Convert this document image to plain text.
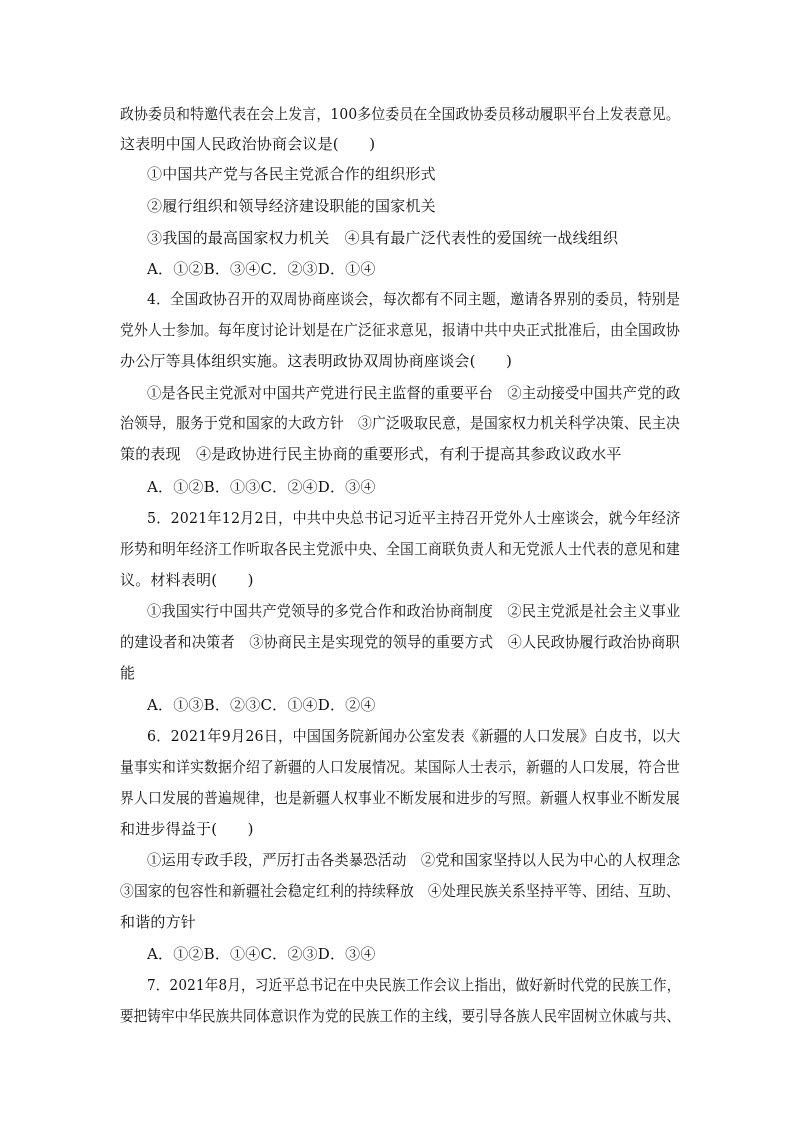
政协委员和特邀代表在会上发言，100多位委员在全国政协委员移动履职平台上发表意见。
这表明中国人民政治协商会议是(　　)
①中国共产党与各民主党派合作的组织形式
②履行组织和领导经济建设职能的国家机关
③我国的最高国家权力机关　④具有最广泛代表性的爱国统一战线组织
A．①②B．③④C．②③D．①④
4．全国政协召开的双周协商座谈会，每次都有不同主题，邀请各界别的委员，特别是
党外人士参加。每年度讨论计划是在广泛征求意见，报请中共中央正式批准后，由全国政协
办公厅等具体组织实施。这表明政协双周协商座谈会(　　)
①是各民主党派对中国共产党进行民主监督的重要平台　②主动接受中国共产党的政
治领导，服务于党和国家的大政方针　③广泛吸取民意，是国家权力机关科学决策、民主决
策的表现　④是政协进行民主协商的重要形式，有利于提高其参政议政水平
A．①②B．①③C．②④D．③④
5．2021年12月2日，中共中央总书记习近平主持召开党外人士座谈会，就今年经济
形势和明年经济工作听取各民主党派中央、全国工商联负责人和无党派人士代表的意见和建
议。材料表明(　　)
①我国实行中国共产党领导的多党合作和政治协商制度　②民主党派是社会主义事业
的建设者和决策者　③协商民主是实现党的领导的重要方式　④人民政协履行政治协商职
能
A．①③B．②③C．①④D．②④
6．2021年9月26日，中国国务院新闻办公室发表《新疆的人口发展》白皮书，以大
量事实和详实数据介绍了新疆的人口发展情况。某国际人士表示，新疆的人口发展，符合世
界人口发展的普遍规律，也是新疆人权事业不断发展和进步的写照。新疆人权事业不断发展
和进步得益于(　　)
①运用专政手段，严厉打击各类暴恐活动　②党和国家坚持以人民为中心的人权理念
③国家的包容性和新疆社会稳定红利的持续释放　④处理民族关系坚持平等、团结、互助、
和谐的方针
A．①②B．①④C．②③D．③④
7．2021年8月，习近平总书记在中央民族工作会议上指出，做好新时代党的民族工作，
要把铸牢中华民族共同体意识作为党的民族工作的主线，要引导各族人民牢固树立休戚与共、
